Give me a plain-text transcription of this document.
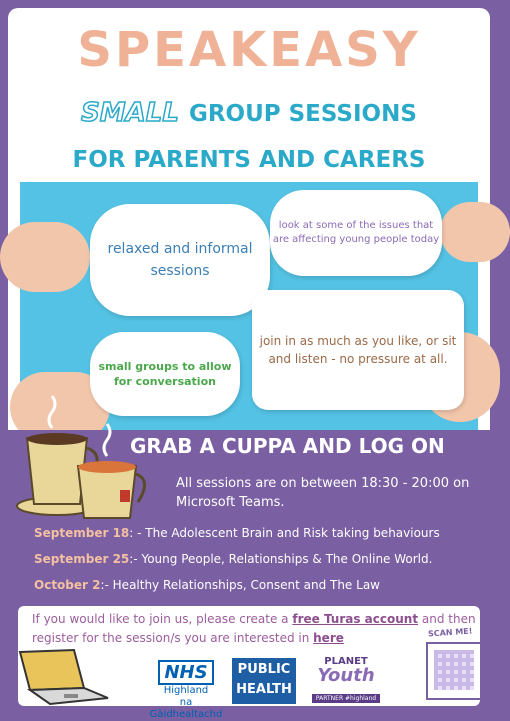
SPEAKEASY
SMALL GROUP SESSIONS
FOR PARENTS AND CARERS
relaxed and informal sessions
look at some of the issues that are affecting young people today
join in as much as you like, or sit and listen - no pressure at all.
small groups to allow for conversation
GRAB A CUPPA AND LOG ON
All sessions are on between 18:30 - 20:00 on Microsoft Teams.
September 18: - The Adolescent Brain and Risk taking behaviours
September 25:- Young People, Relationships & The Online World.
October 2:- Healthy Relationships, Consent and The Law
If you would like to join us, please create a free Turas account and then register for the session/s you are interested in here
NHS
Highland
na Gàidhealtachd
PUBLIC
HEALTH
PLANET
Youth
PARTNER #highland
SCAN ME!
